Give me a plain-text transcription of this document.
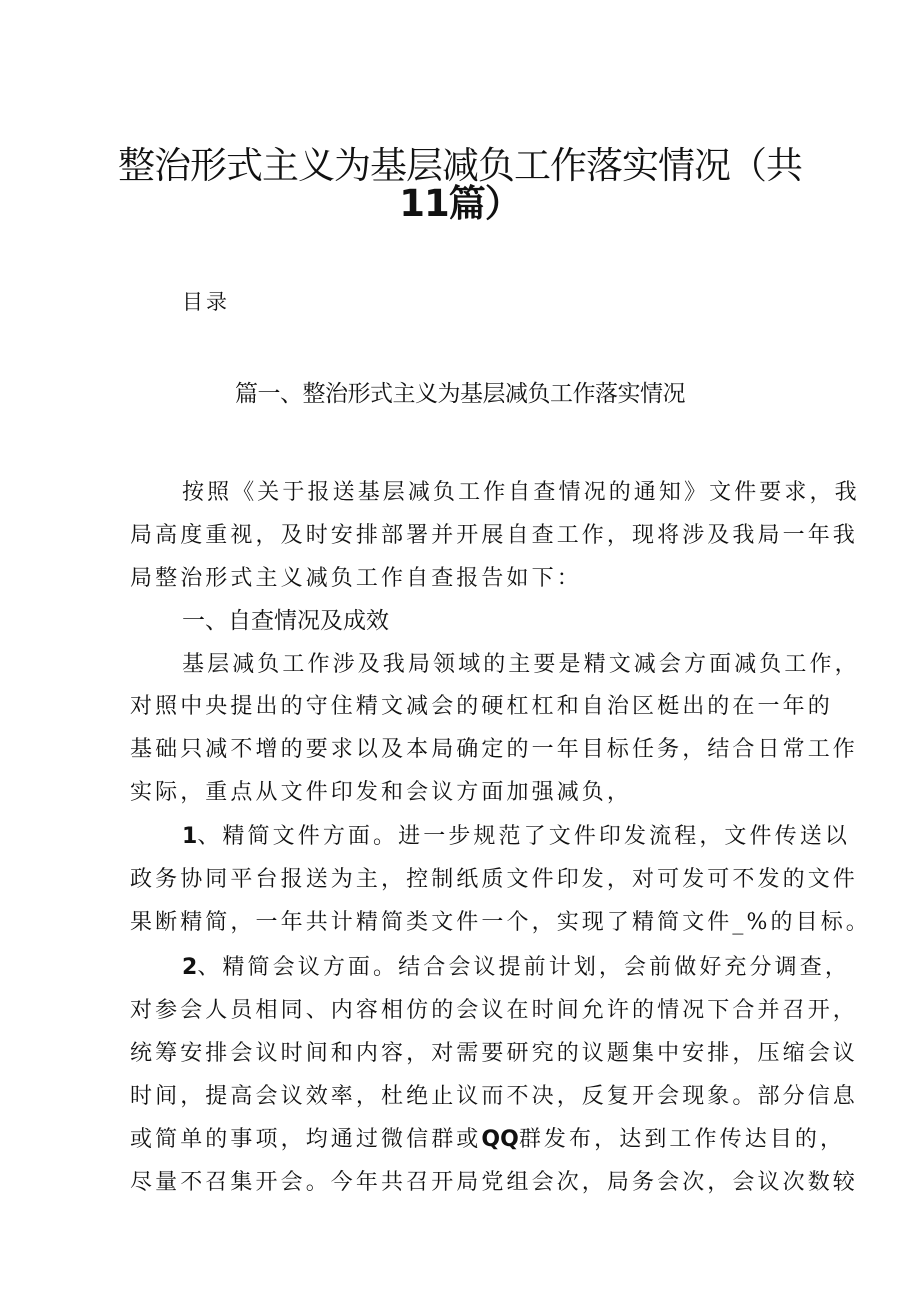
整治形式主义为基层减负工作落实情况（共
11篇）
目录
篇一、整治形式主义为基层减负工作落实情况
按照《关于报送基层减负工作自查情况的通知》文件要求，我
局高度重视，及时安排部署并开展自查工作，现将涉及我局一年我
局整治形式主义减负工作自查报告如下：
一、自查情况及成效
基层减负工作涉及我局领域的主要是精文减会方面减负工作，
对照中央提出的守住精文减会的硬杠杠和自治区梃出的在一年的
基础只减不增的要求以及本局确定的一年目标任务，结合日常工作
实际，重点从文件印发和会议方面加强减负，
1、精简文件方面。进一步规范了文件印发流程，文件传送以
政务协同平台报送为主，控制纸质文件印发，对可发可不发的文件
果断精简，一年共计精简类文件一个，实现了精简文件_%的目标。
2、精简会议方面。结合会议提前计划，会前做好充分调查，
对参会人员相同、内容相仿的会议在时间允许的情况下合并召开，
统筹安排会议时间和内容，对需要研究的议题集中安排，压缩会议
时间，提高会议效率，杜绝止议而不决，反复开会现象。部分信息
或简单的事项，均通过微信群或QQ群发布，达到工作传达目的，
尽量不召集开会。今年共召开局党组会次，局务会次，会议次数较
